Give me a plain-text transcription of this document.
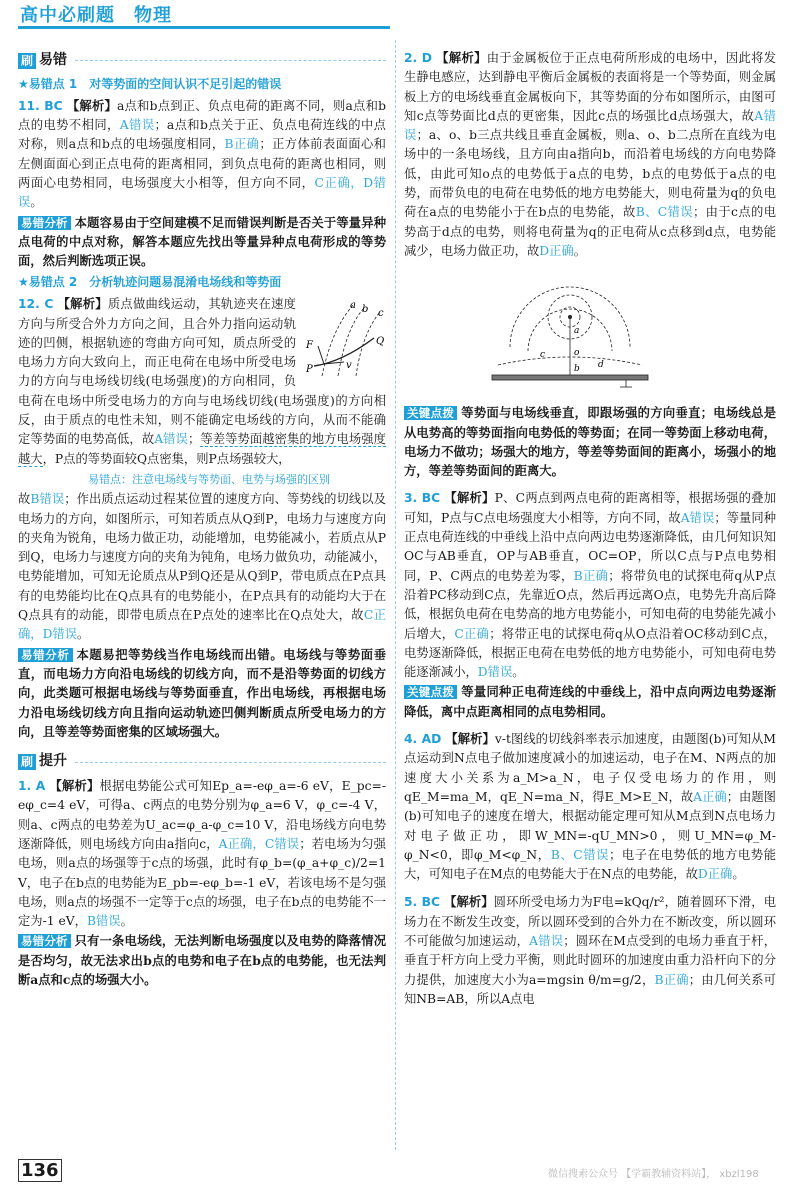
高中必刷题　物理
刷 易错
★易错点 1　对等势面的空间认识不足引起的错误

11. BC 【解析】a点和b点到正、负点电荷的距离不同，则a点和b点的电势不相同，A错误；a点和b点关于正、负点电荷连线的中点对称，则a点和b点的电场强度相同，B正确；正方体前表面面心和左侧面面心到正点电荷的距离相同，到负点电荷的距离也相同，则两面心电势相同，电场强度大小相等，但方向不同，C正确，D错误。

易错分析 本题容易由于空间建模不足而错误判断是否关于等量异种点电荷的中点对称，解答本题应先找出等量异种点电荷形成的等势面，然后判断选项正误。

★易错点 2　分析轨迹问题易混淆电场线和等势面
a b c
F
P
Q
v

12. C 【解析】质点做曲线运动，其轨迹夹在速度方向与所受合外力方向之间，且合外力指向运动轨迹的凹侧，根据轨迹的弯曲方向可知，质点所受的电场力方向大致向上，而正电荷在电场中所受电场力的方向与电场线切线(电场强度)的方向相同，负电荷在电场中所受电场力的方向与电场线切线(电场强度)的方向相反，由于质点的电性未知，则不能确定电场线的方向，从而不能确定等势面的电势高低，故A错误；等差等势面越密集的地方电场强度越大，P点的等势面较Q点密集，则P点场强较大，

易错点：注意电场线与等势面、电势与场强的区别

故B错误；作出质点运动过程某位置的速度方向、等势线的切线以及电场力的方向，如图所示，可知若质点从Q到P，电场力与速度方向的夹角为锐角，电场力做正功，动能增加，电势能减小，若质点从P到Q，电场力与速度方向的夹角为钝角，电场力做负功，动能减小，电势能增加，可知无论质点从P到Q还是从Q到P，带电质点在P点具有的电势能均比在Q点具有的电势能小，在P点具有的动能均大于在Q点具有的动能，即带电质点在P点处的速率比在Q点处大，故C正确，D错误。

易错分析 本题易把等势线当作电场线而出错。电场线与等势面垂直，而电场力方向沿电场线的切线方向，而不是沿等势面的切线方向，此类题可根据电场线与等势面垂直，作出电场线，再根据电场力沿电场线切线方向且指向运动轨迹凹侧判断质点所受电场力的方向，且等差等势面密集的区域场强大。

刷 提升

1. A 【解析】根据电势能公式可知Ep_a=-eφ_a=-6 eV，E_pc=-eφ_c=4 eV，可得a、c两点的电势分别为φ_a=6 V，φ_c=-4 V，则a、c两点的电势差为U_ac=φ_a-φ_c=10 V，沿电场线方向电势逐渐降低，则电场线方向由a指向c，A正确，C错误；若电场为匀强电场，则a点的场强等于c点的场强，此时有φ_b=(φ_a+φ_c)/2=1 V，电子在b点的电势能为E_pb=-eφ_b=-1 eV，若该电场不是匀强电场，则a点的场强不一定等于c点的场强，电子在b点的电势能不一定为-1 eV，B错误。

易错分析 只有一条电场线，无法判断电场强度以及电势的降落情况是否均匀，故无法求出b点的电势和电子在b点的电势能，也无法判断a点和c点的场强大小。

2. D 【解析】由于金属板位于正点电荷所形成的电场中，因此将发生静电感应，达到静电平衡后金属板的表面将是一个等势面，则金属板上方的电场线垂直金属板向下，其等势面的分布如图所示，由图可知c点等势面比d点的更密集，因此c点的场强比d点场强大，故A错误；a、o、b三点共线且垂直金属板，则a、o、b二点所在直线为电场中的一条电场线，且方向由a指向b，而沿着电场线的方向电势降低，由此可知o点的电势低于a点的电势，b点的电势低于a点的电势，而带负电的电荷在电势低的地方电势能大，则电荷量为q的负电荷在a点的电势能小于在b点的电势能，故B、C错误；由于c点的电势高于d点的电势，则将电荷量为q的正电荷从c点移到d点，电势能减少，电场力做正功，故D正确。

a
o
b
c
d

关键点拨 等势面与电场线垂直，即跟场强的方向垂直；电场线总是从电势高的等势面指向电势低的等势面；在同一等势面上移动电荷，电场力不做功；场强大的地方，等差等势面间的距离小，场强小的地方，等差等势面间的距离大。

3. BC 【解析】P、C两点到两点电荷的距离相等，根据场强的叠加可知，P点与C点电场强度大小相等，方向不同，故A错误；等量同种正点电荷连线的中垂线上沿中点向两边电势逐渐降低，由几何知识知OC与AB垂直，OP与AB垂直，OC=OP，所以C点与P点电势相同，P、C两点的电势差为零，B正确；将带负电的试探电荷q从P点沿着PC移动到C点，先靠近O点，然后再远离O点，电势先升高后降低，根据负电荷在电势高的地方电势能小，可知电荷的电势能先减小后增大，C正确；将带正电的试探电荷q从O点沿着OC移动到C点，电势逐渐降低，根据正电荷在电势低的地方电势能小，可知电荷电势能逐渐减小，D错误。

关键点拨 等量同种正电荷连线的中垂线上，沿中点向两边电势逐渐降低，离中点距离相同的点电势相同。

4. AD 【解析】v-t图线的切线斜率表示加速度，由题图(b)可知从M点运动到N点电子做加速度减小的加速运动，电子在M、N两点的加速度大小关系为a_M>a_N，电子仅受电场力的作用，则qE_M=ma_M，qE_N=ma_N，得E_M>E_N，故A正确；由题图(b)可知电子的速度在增大，根据动能定理可知从M点到N点电场力对电子做正功，即W_MN=-qU_MN>0，则U_MN=φ_M-φ_N<0，即φ_M<φ_N，B、C错误；电子在电势低的地方电势能大，可知电子在M点的电势能大于在N点的电势能，故D正确。

5. BC 【解析】圆环所受电场力为F电=kQq/r²，随着圆环下滑，电场力在不断发生改变，所以圆环受到的合外力在不断改变，所以圆环不可能做匀加速运动，A错误；圆环在M点受到的电场力垂直于杆，垂直于杆方向上受力平衡，则此时圆环的加速度由重力沿杆向下的分力提供，加速度大小为a=mgsin θ/m=g/2，B正确；由几何关系可知NB=AB，所以A点电

136	微信搜索公众号 【学霸教辅资料站】， xbzl198
